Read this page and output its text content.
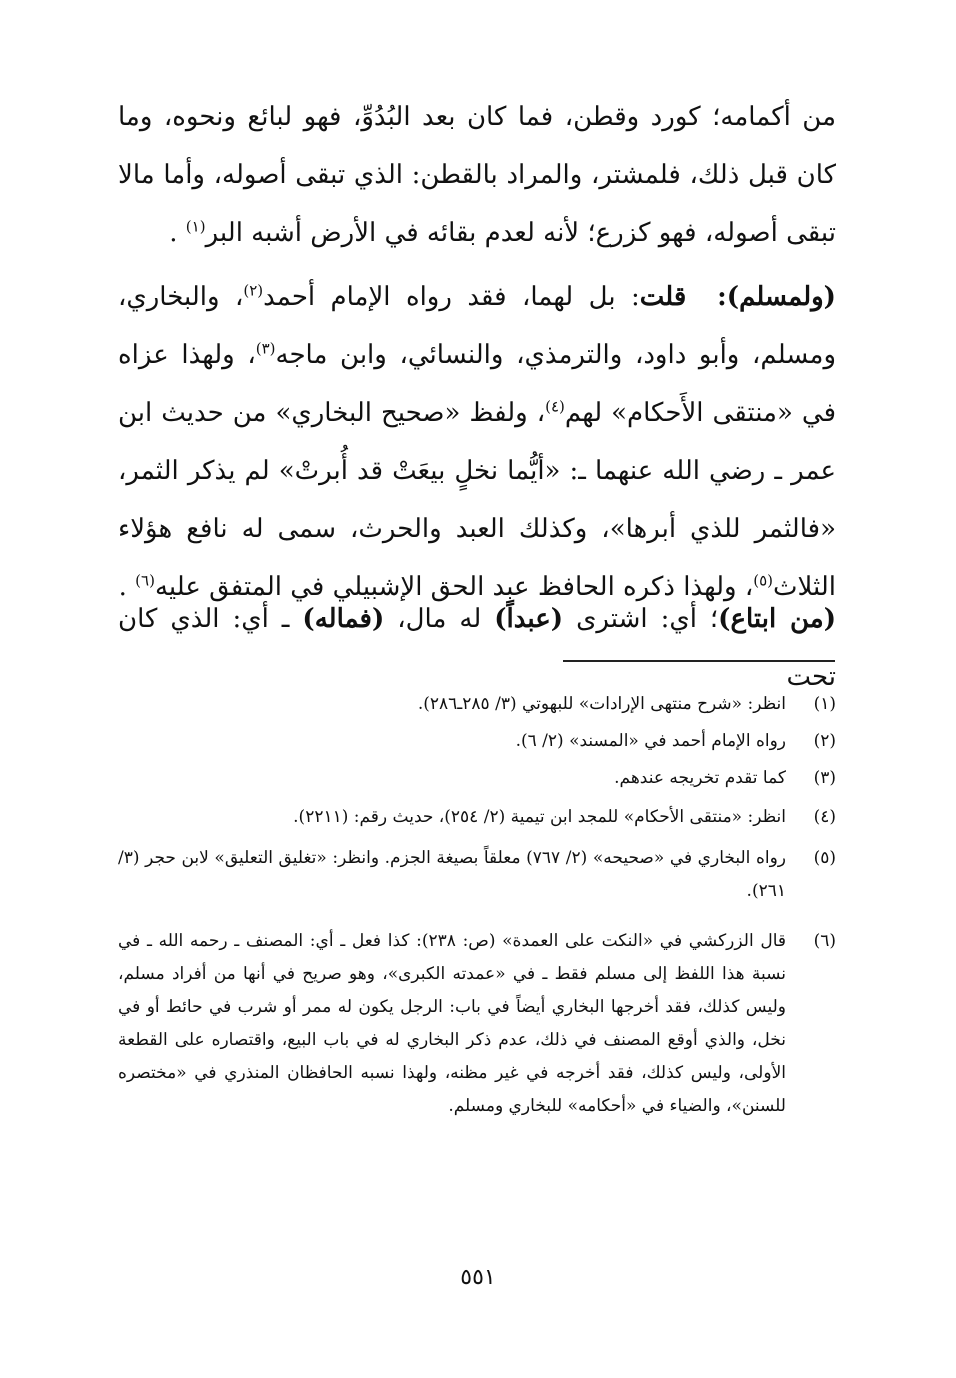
من أكمامه؛ كورد وقطن، فما كان بعد البُدُوِّ، فهو لبائع ونحوه، وما كان قبل ذلك، فلمشتر، والمراد بالقطن: الذي تبقى أصوله، وأما مالا تبقى أصوله، فهو كزرع؛ لأنه لعدم بقائه في الأرض أشبه البر$^{(١)}$ .

(ولمسلم):  قلت: بل لهما، فقد رواه الإمام أحمد$^{(٢)}$، والبخاري، ومسلم، وأبو داود، والترمذي، والنسائي، وابن ماجه$^{(٣)}$، ولهذا عزاه في «منتقى الأَحكام» لهم$^{(٤)}$، ولفظ «صحيح البخاري» من حديث ابن عمر ـ رضي الله عنهما ـ: «أيُّما نخلٍ بيعَتْ قد أُبرتْ» لم يذكر الثمر، «فالثمر للذي أبرها»، وكذلك العبد والحرث، سمى له نافع هؤلاء الثلاث$^{(٥)}$، ولهذا ذكره الحافظ عبد الحق الإشبيلي في المتفق عليه$^{(٦)}$ .

(من ابتاع)؛ أي: اشترى (عبداً) له مال، (فماله) ـ أي: الذي كان تحت

(١)
انظر: «شرح منتهى الإرادات» للبهوتي (٣/ ٢٨٥ـ٢٨٦).
(٢)
رواه الإمام أحمد في «المسند» (٢/ ٦).
(٣)
كما تقدم تخريجه عندهم.
(٤)
انظر: «منتقى الأحكام» للمجد ابن تيمية (٢/ ٢٥٤)، حديث رقم: (٢٢١١).
(٥)
رواه البخاري في «صحيحه» (٢/ ٧٦٧) معلقاً بصيغة الجزم. وانظر: «تغليق التعليق» لابن حجر (٣/ ٢٦١).
(٦)
قال الزركشي في «النكت على العمدة» (ص: ٢٣٨): كذا فعل ـ أي: المصنف ـ رحمه الله ـ في نسبة هذا اللفظ إلى مسلم فقط ـ في «عمدته الكبرى»، وهو صريح في أنها من أفراد مسلم، وليس كذلك، فقد أخرجها البخاري أيضاً في باب: الرجل يكون له ممر أو شرب في حائط أو في نخل، والذي أوقع المصنف في ذلك، عدم ذكر البخاري له في باب البيع، واقتصاره على القطعة الأولى، وليس كذلك، فقد أخرجه في غير مظنه، ولهذا نسبه الحافظان المنذري في «مختصره للسنن»، والضياء في «أحكامه» للبخاري ومسلم.
٥٥١
